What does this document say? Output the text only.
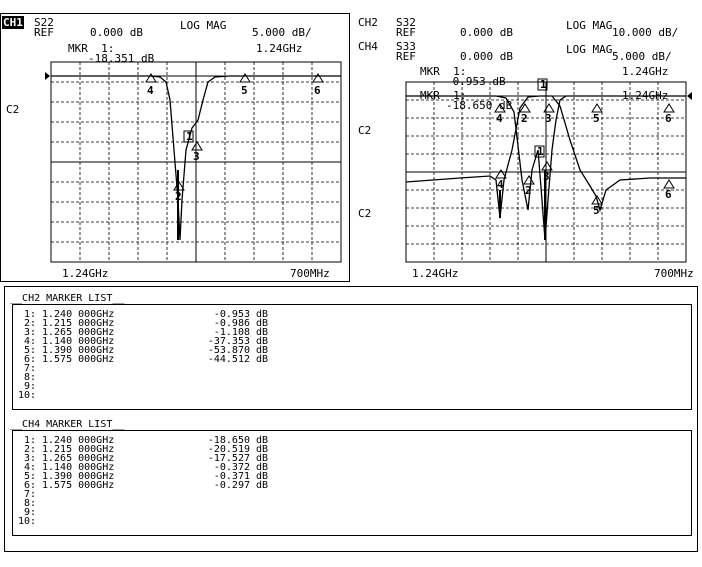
CH1 S22
REF	0.000 dB
LOG MAG
5.000 dB/
MKR  1:	1.24GHz
-18.351 dB
C2
1.24GHz	700MHz
CH2 S32
REF	0.000 dB
LOG MAG
10.000 dB/
CH4 S33
REF	0.000 dB
LOG MAG
5.000 dB/
MKR  1:	1.24GHz
-0.953 dB
MKR  1:	1.24GHz
-18.650 dB
C2
C2
1.24GHz	700MHz
4	5	6
2
3
1
1
4 2 3	5	6
1
4 2
3
5
6
__CH2 MARKER LIST__
1: 1.240 000GHz	-0.953 dB
2: 1.215 000GHz	-0.986 dB
3: 1.265 000GHz	-1.108 dB
4: 1.140 000GHz	-37.353 dB
5: 1.390 000GHz	-53.870 dB
6: 1.575 000GHz	-44.512 dB
7:
8:
9:
10:
__CH4 MARKER LIST__
1: 1.240 000GHz	-18.650 dB
2: 1.215 000GHz	-20.519 dB
3: 1.265 000GHz	-17.527 dB
4: 1.140 000GHz	-0.372 dB
5: 1.390 000GHz	-0.371 dB
6: 1.575 000GHz	-0.297 dB
7:
8:
9:
10:
